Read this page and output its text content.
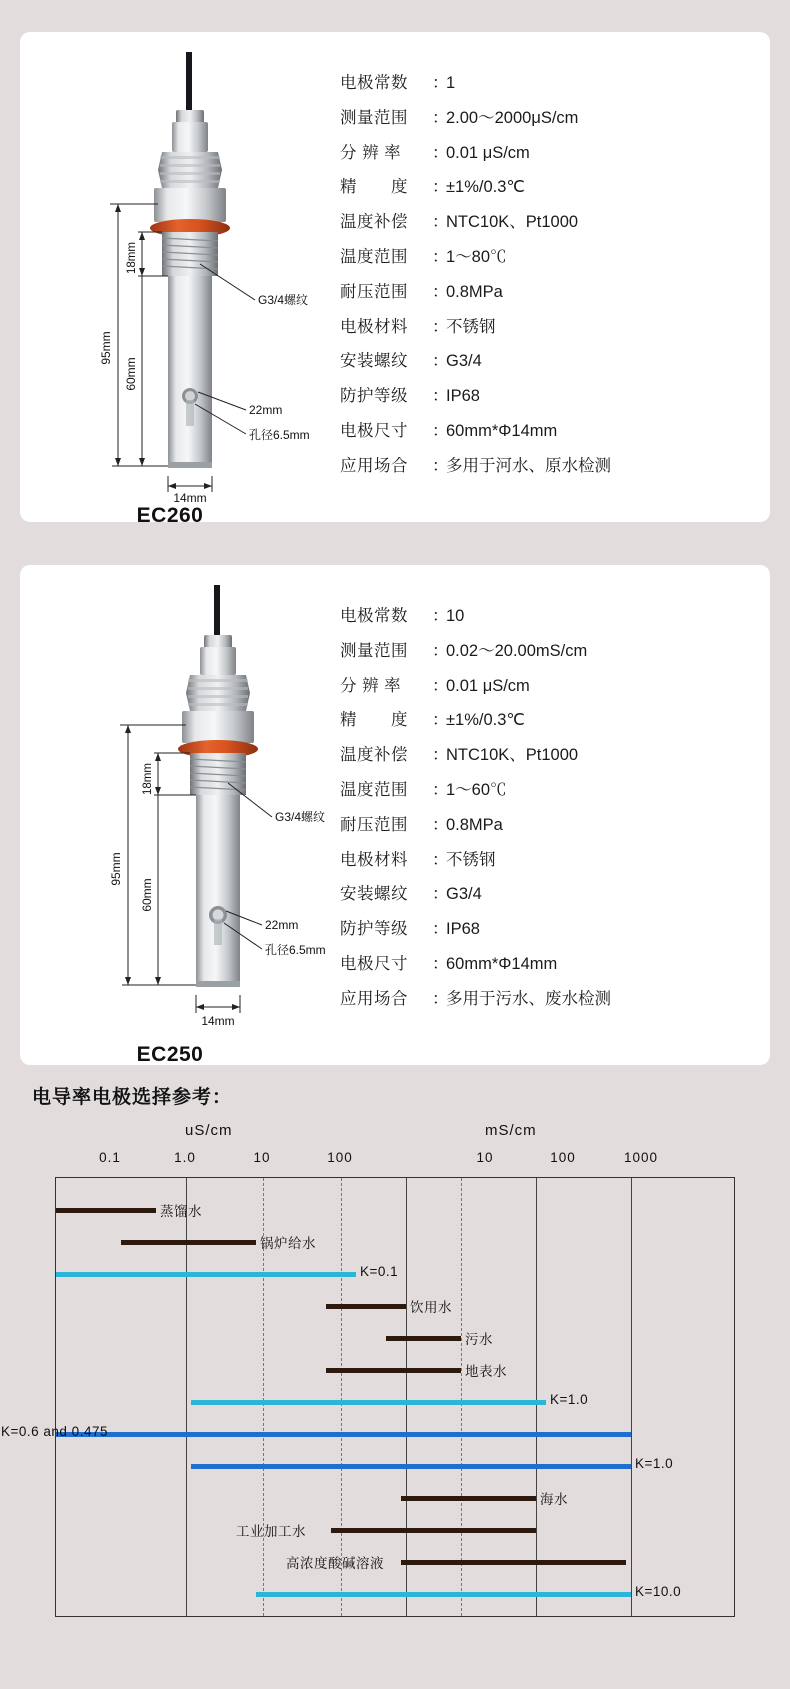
95mm
18mm
60mm
14mm
G3/4螺纹
22mm
孔径6.5mm
电极常数	：
1
测量范围	：
2.00～2000μS/cm
分 辨 率	：
0.01 μS/cm
精　　度	：
±1%/0.3℃
温度补偿	：
NTC10K、Pt1000
温度范围	：
1～80℃
耐压范围	：
0.8MPa
电极材料	：
不锈钢
安装螺纹	：
G3/4
防护等级	：
IP68
电极尺寸	：
60mm*Φ14mm
应用场合	：
多用于河水、原水检测
EC260
95mm
18mm
60mm
14mm
G3/4螺纹
22mm
孔径6.5mm
电极常数	：
10
测量范围	：
0.02～20.00mS/cm
分 辨 率	：
0.01 μS/cm
精　　度	：
±1%/0.3℃
温度补偿	：
NTC10K、Pt1000
温度范围	：
1～60℃
耐压范围	：
0.8MPa
电极材料	：
不锈钢
安装螺纹	：
G3/4
防护等级	：
IP68
电极尺寸	：
60mm*Φ14mm
应用场合	：
多用于污水、废水检测
EC250
电导率电极选择参考：
uS/cm	mS/cm
0.1	1.0	10	100	10	100	1000
蒸馏水
锅炉给水
K=0.1
饮用水
污水
地表水
K=1.0
K=0.6 and 0.475
K=1.0
海水
工业加工水
高浓度酸碱溶液
K=10.0
